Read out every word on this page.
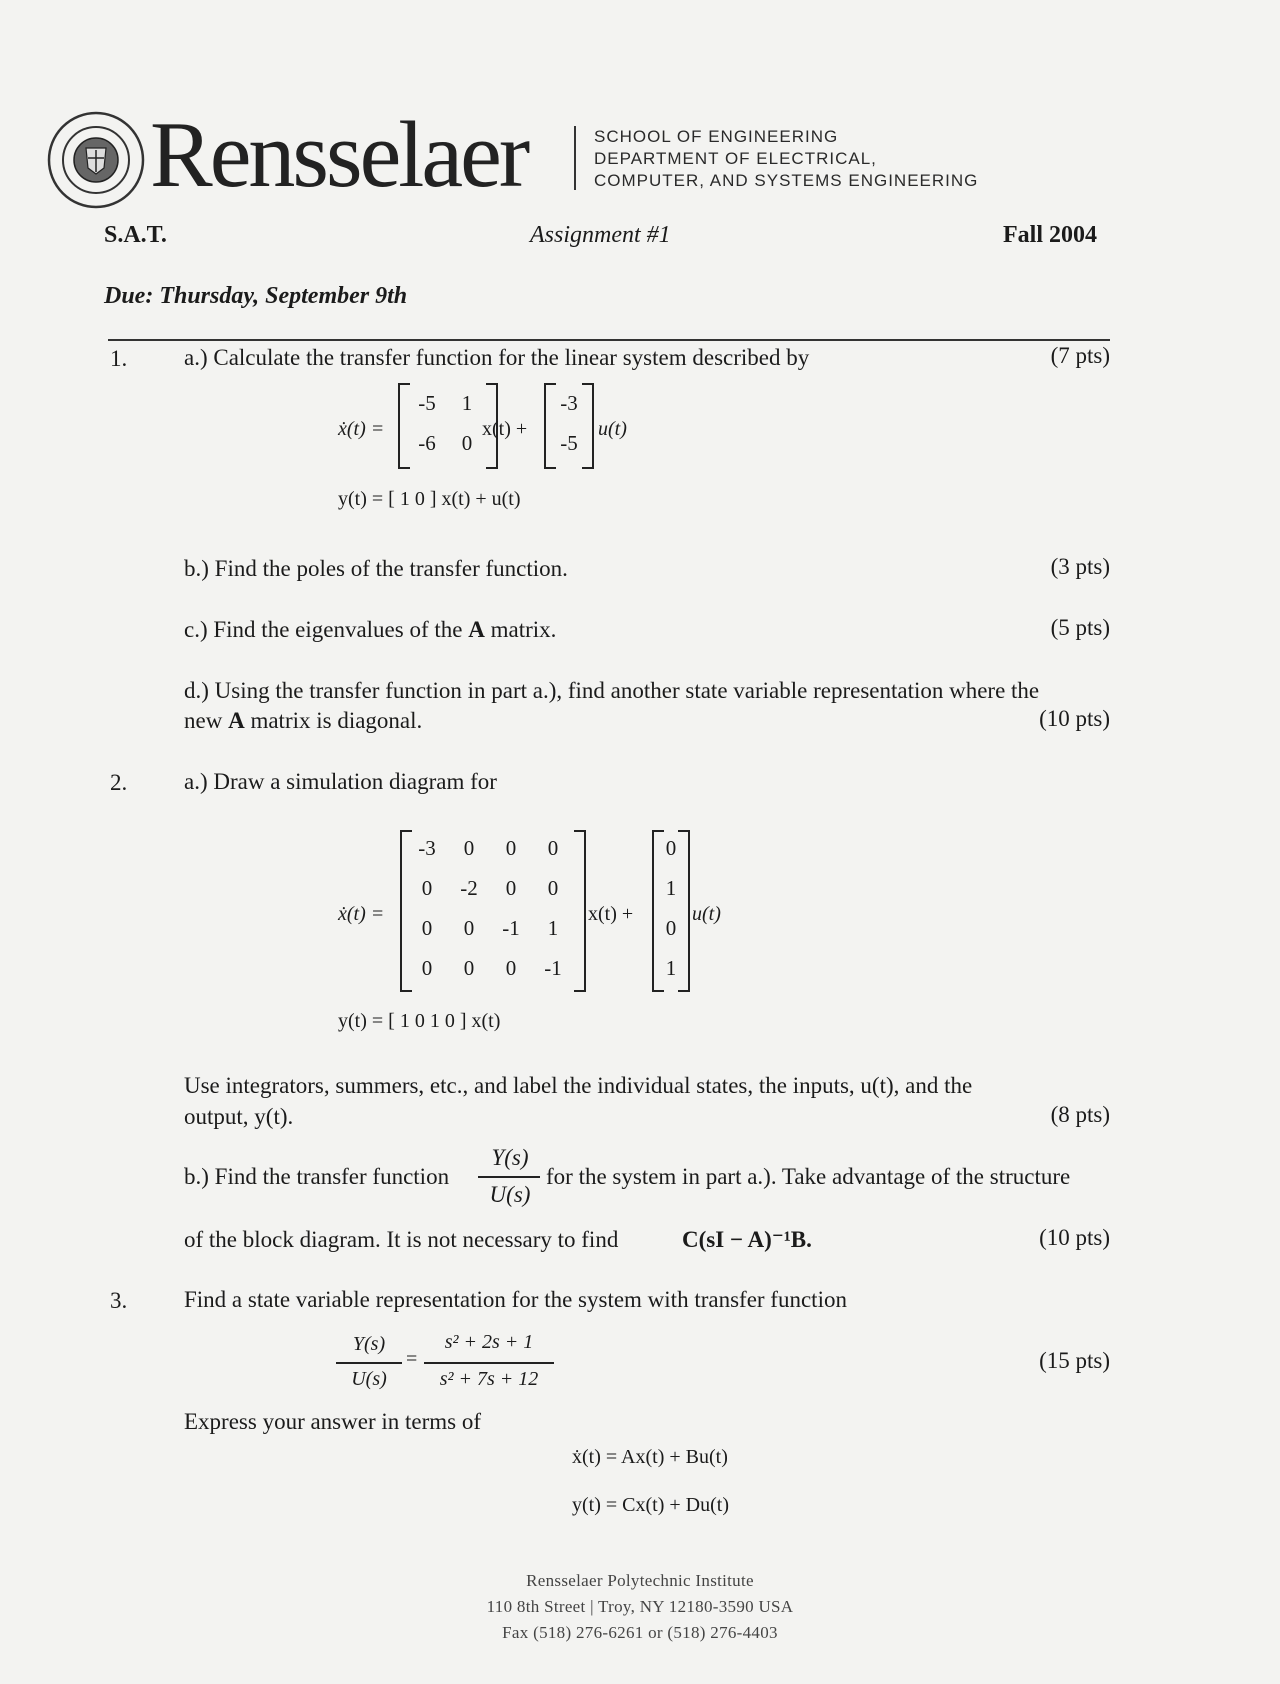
Rensselaer	SCHOOL OF ENGINEERING
DEPARTMENT OF ELECTRICAL,
COMPUTER, AND SYSTEMS ENGINEERING
S.A.T.	Assignment #1	Fall 2004
Due: Thursday, September 9th
1. a.) Calculate the transfer function for the linear system described by	(7 pts)
ẋ(t) =
-5	1
-6	0
x(t) +
-3
-5
u(t)
y(t) = [ 1 0 ] x(t) + u(t)
b.) Find the poles of the transfer function.	(3 pts)
c.) Find the eigenvalues of the A matrix.	(5 pts)
d.) Using the transfer function in part a.), find another state variable representation where the
new A matrix is diagonal.	(10 pts)
2. a.) Draw a simulation diagram for
ẋ(t) =
-3	0	0	0
0	-2	0	0
0	0	-1	1
0	0	0	-1
x(t) +
0
1
0
1
u(t)
y(t) = [ 1 0 1 0 ] x(t)
Use integrators, summers, etc., and label the individual states, the inputs, u(t), and the
output, y(t).	(8 pts)
b.) Find the transfer function
Y(s)
U(s)
for the system in part a.). Take advantage of the structure
of the block diagram. It is not necessary to find	C(sI − A)⁻¹B.	(10 pts)
3. Find a state variable representation for the system with transfer function
Y(s)
U(s)
=
s² + 2s + 1
s² + 7s + 12
(15 pts)
Express your answer in terms of
ẋ(t) = Ax(t) + Bu(t)
y(t) = Cx(t) + Du(t)
Rensselaer Polytechnic Institute
110 8th Street | Troy, NY 12180-3590 USA
Fax (518) 276-6261 or (518) 276-4403
